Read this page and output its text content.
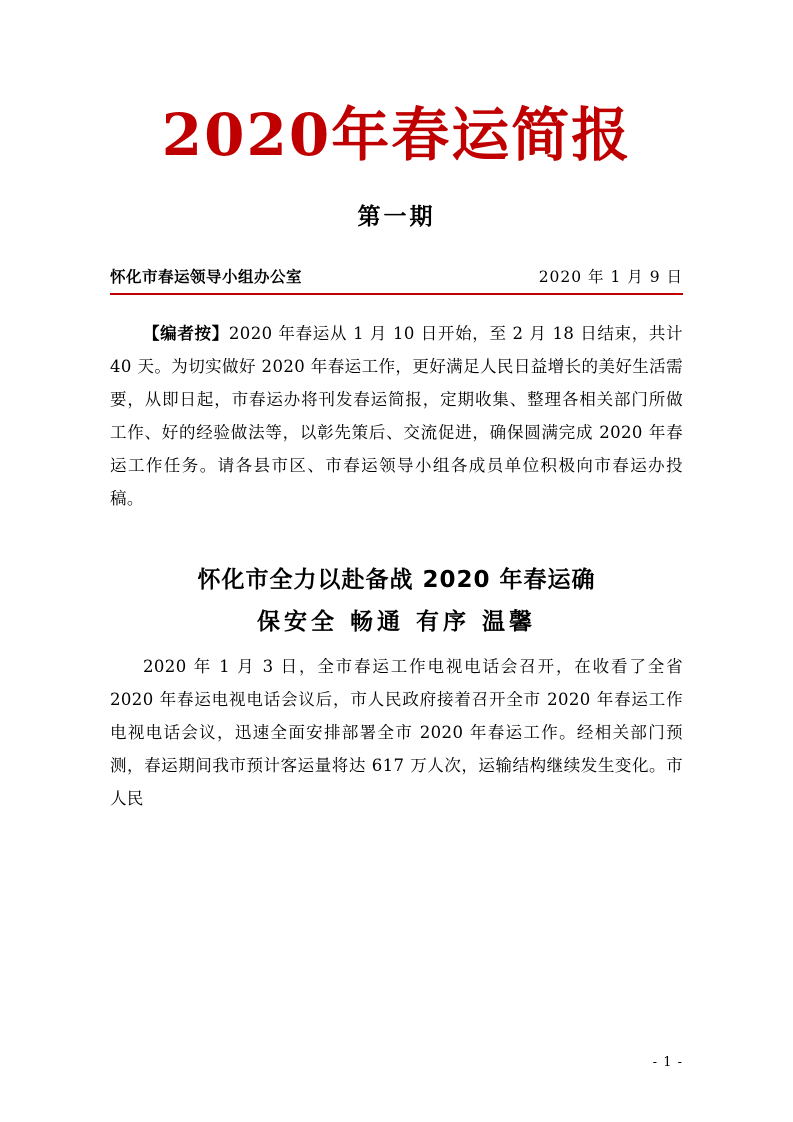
2020年春运简报
第一期
怀化市春运领导小组办公室	2020 年 1 月 9 日

【编者按】2020 年春运从 1 月 10 日开始，至 2 月 18 日结束，共计 40 天。为切实做好 2020 年春运工作，更好满足人民日益增长的美好生活需要，从即日起，市春运办将刊发春运简报，定期收集、整理各相关部门所做工作、好的经验做法等，以彰先策后、交流促进，确保圆满完成 2020 年春运工作任务。请各县市区、市春运领导小组各成员单位积极向市春运办投稿。

怀化市全力以赴备战 2020 年春运确
保安全 畅通 有序 温馨

2020 年 1 月 3 日，全市春运工作电视电话会召开，在收看了全省 2020 年春运电视电话会议后，市人民政府接着召开全市 2020 年春运工作电视电话会议，迅速全面安排部署全市 2020 年春运工作。经相关部门预测，春运期间我市预计客运量将达 617 万人次，运输结构继续发生变化。市人民

- 1 -
